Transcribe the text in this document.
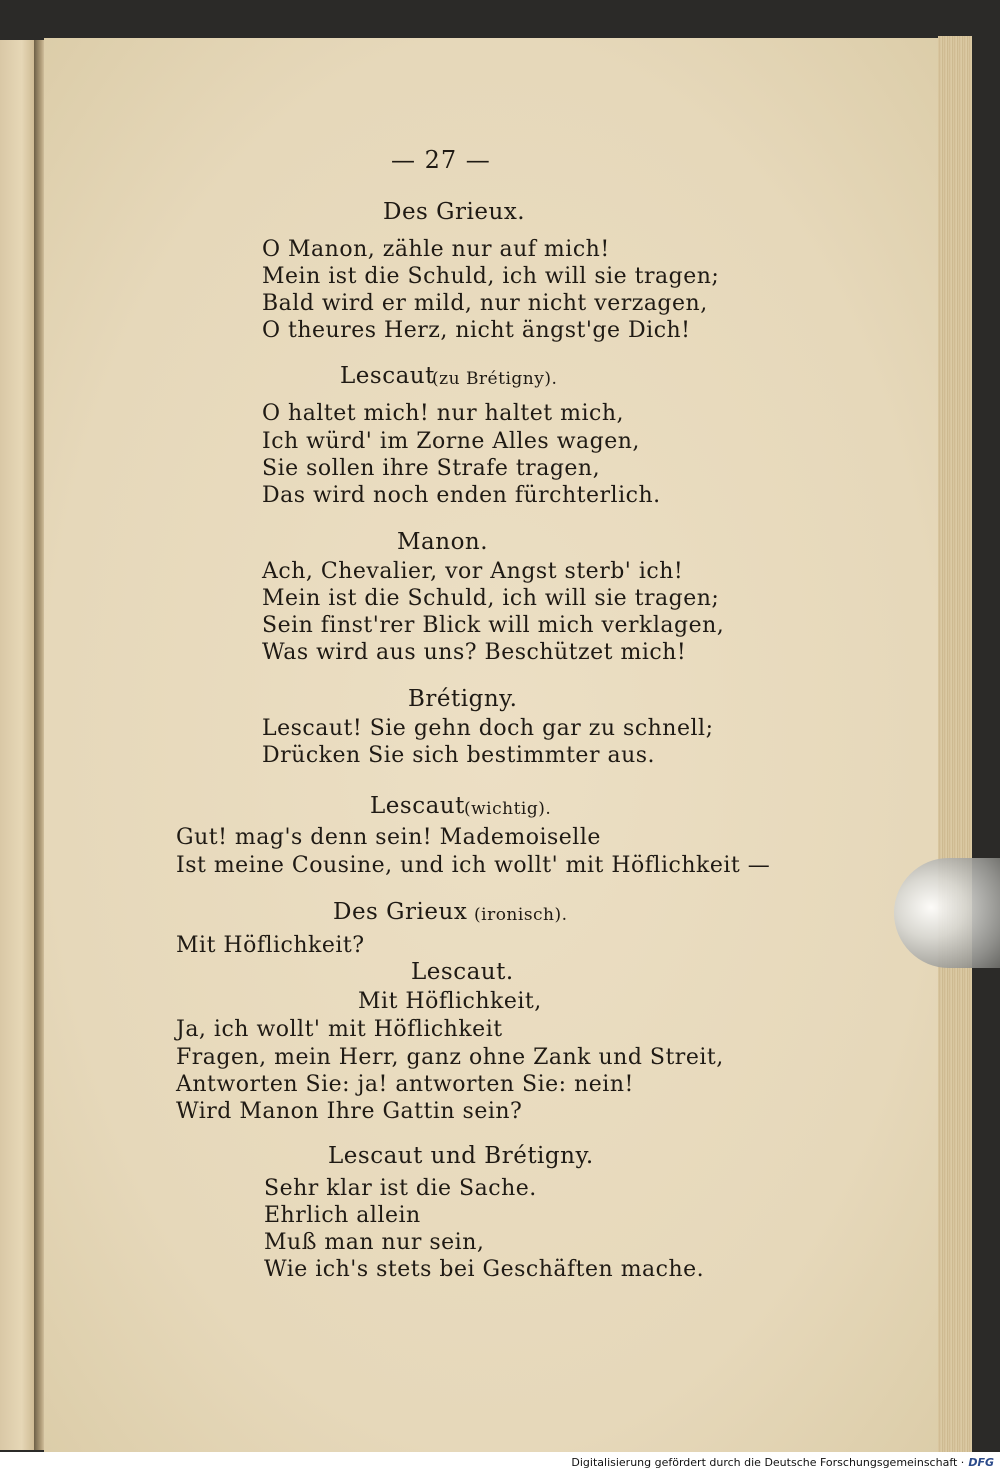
— 27 —
Des Grieux.
O Manon, zähle nur auf mich!
Mein ist die Schuld, ich will sie tragen;
Bald wird er mild, nur nicht verzagen,
O theures Herz, nicht ängst'ge Dich!
Lescaut
(zu Brétigny).
O haltet mich! nur haltet mich,
Ich würd' im Zorne Alles wagen,
Sie sollen ihre Strafe tragen,
Das wird noch enden fürchterlich.
Manon.
Ach, Chevalier, vor Angst sterb' ich!
Mein ist die Schuld, ich will sie tragen;
Sein finst'rer Blick will mich verklagen,
Was wird aus uns? Beschützet mich!
Brétigny.
Lescaut! Sie gehn doch gar zu schnell;
Drücken Sie sich bestimmter aus.
Lescaut (wichtig).
Gut! mag's denn sein! Mademoiselle
Ist meine Cousine, und ich wollt' mit Höflichkeit —
Des Grieux (ironisch).
Mit Höflichkeit?
Lescaut.
Mit Höflichkeit,
Ja, ich wollt' mit Höflichkeit
Fragen, mein Herr, ganz ohne Zank und Streit,
Antworten Sie: ja! antworten Sie: nein!
Wird Manon Ihre Gattin sein?
Lescaut und Brétigny.
Sehr klar ist die Sache.
Ehrlich allein
Muß man nur sein,
Wie ich's stets bei Geschäften mache.
Digitalisierung gefördert durch die Deutsche Forschungsgemeinschaft · DFG
